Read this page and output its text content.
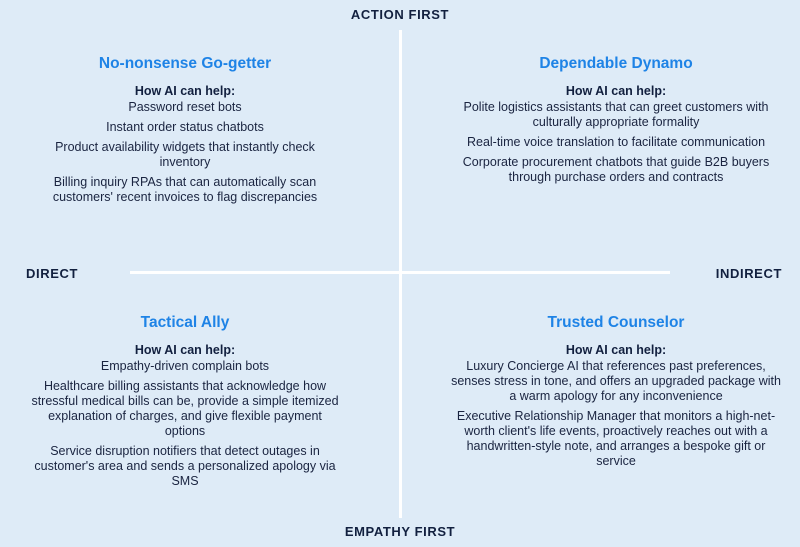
ACTION FIRST
EMPATHY FIRST
DIRECT	INDIRECT
No-nonsense Go-getter
How AI can help:
Password reset bots
Instant order status chatbots
Product availability widgets that instantly check inventory
Billing inquiry RPAs that can automatically scan customers' recent invoices to flag discrepancies
Dependable Dynamo
How AI can help:
Polite logistics assistants that can greet customers with culturally appropriate formality
Real-time voice translation to facilitate communication
Corporate procurement chatbots that guide B2B buyers through purchase orders and contracts
Tactical Ally
How AI can help:
Empathy-driven complain bots
Healthcare billing assistants that acknowledge how stressful medical bills can be, provide a simple itemized explanation of charges, and give flexible payment options
Service disruption notifiers that detect outages in customer's area and sends a personalized apology via SMS
Trusted Counselor
How AI can help:
Luxury Concierge AI that references past preferences, senses stress in tone, and offers an upgraded package with a warm apology for any inconvenience
Executive Relationship Manager that monitors a high-net-worth client's life events, proactively reaches out with a handwritten-style note, and arranges a bespoke gift or service
